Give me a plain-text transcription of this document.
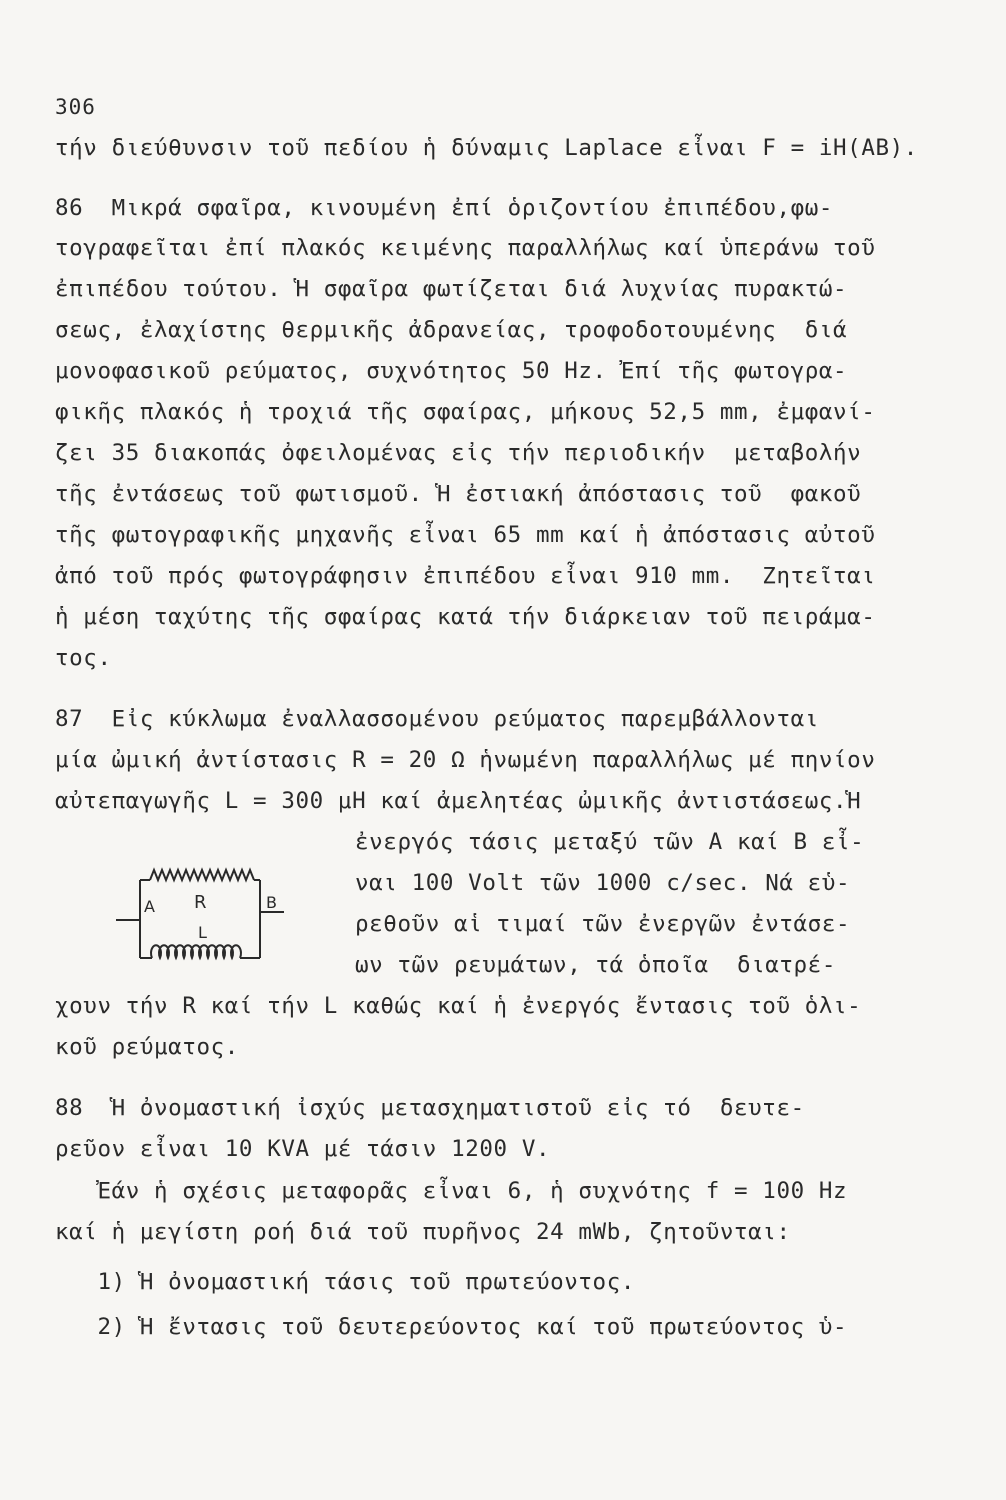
306
τήν διεύθυνσιν τοῦ πεδίου ἡ δύναμις Laplace εἶναι F = iH(AB).
86  Μικρά σφαῖρα, κινουμένη ἐπί ὁριζοντίου ἐπιπέδου,φω-
τογραφεῖται ἐπί πλακός κειμένης παραλλήλως καί ὑπεράνω τοῦ
ἐπιπέδου τούτου. Ἡ σφαῖρα φωτίζεται διά λυχνίας πυρακτώ-
σεως, ἐλαχίστης θερμικῆς ἀδρανείας, τροφοδοτουμένης  διά
μονοφασικοῦ ρεύματος, συχνότητος 50 Hz. Ἐπί τῆς φωτογρα-
φικῆς πλακός ἡ τροχιά τῆς σφαίρας, μήκους 52,5 mm, ἐμφανί-
ζει 35 διακοπάς ὀφειλομένας εἰς τήν περιοδικήν  μεταβολήν
τῆς ἐντάσεως τοῦ φωτισμοῦ. Ἡ ἐστιακή ἀπόστασις τοῦ  φακοῦ
τῆς φωτογραφικῆς μηχανῆς εἶναι 65 mm καί ἡ ἀπόστασις αὐτοῦ
ἀπό τοῦ πρός φωτογράφησιν ἐπιπέδου εἶναι 910 mm.  Ζητεῖται
ἡ μέση ταχύτης τῆς σφαίρας κατά τήν διάρκειαν τοῦ πειράμα-
τος.
87  Εἰς κύκλωμα ἐναλλασσομένου ρεύματος παρεμβάλλονται
μία ὠμική ἀντίστασις R = 20 Ω ἡνωμένη παραλλήλως μέ πηνίον
αὐτεπαγωγῆς L = 300 μH καί ἀμελητέας ὠμικῆς ἀντιστάσεως.Ἡ
ἐνεργός τάσις μεταξύ τῶν A καί B εἶ-
ναι 100 Volt τῶν 1000 c/sec. Νά εὑ-
ρεθοῦν αἱ τιμαί τῶν ἐνεργῶν ἐντάσε-
ων τῶν ρευμάτων, τά ὁποῖα  διατρέ-
χουν τήν R καί τήν L καθώς καί ἡ ἐνεργός ἔντασις τοῦ ὁλι-
κοῦ ρεύματος.
88  Ἡ ὀνομαστική ἰσχύς μετασχηματιστοῦ εἰς τό  δευτε-
ρεῦον εἶναι 10 KVA μέ τάσιν 1200 V.
Ἐάν ἡ σχέσις μεταφορᾶς εἶναι 6, ἡ συχνότης f = 100 Hz
καί ἡ μεγίστη ροή διά τοῦ πυρῆνος 24 mWb, ζητοῦνται:
1) Ἡ ὀνομαστική τάσις τοῦ πρωτεύοντος.
2) Ἡ ἔντασις τοῦ δευτερεύοντος καί τοῦ πρωτεύοντος ὑ-
A	B
R
L
